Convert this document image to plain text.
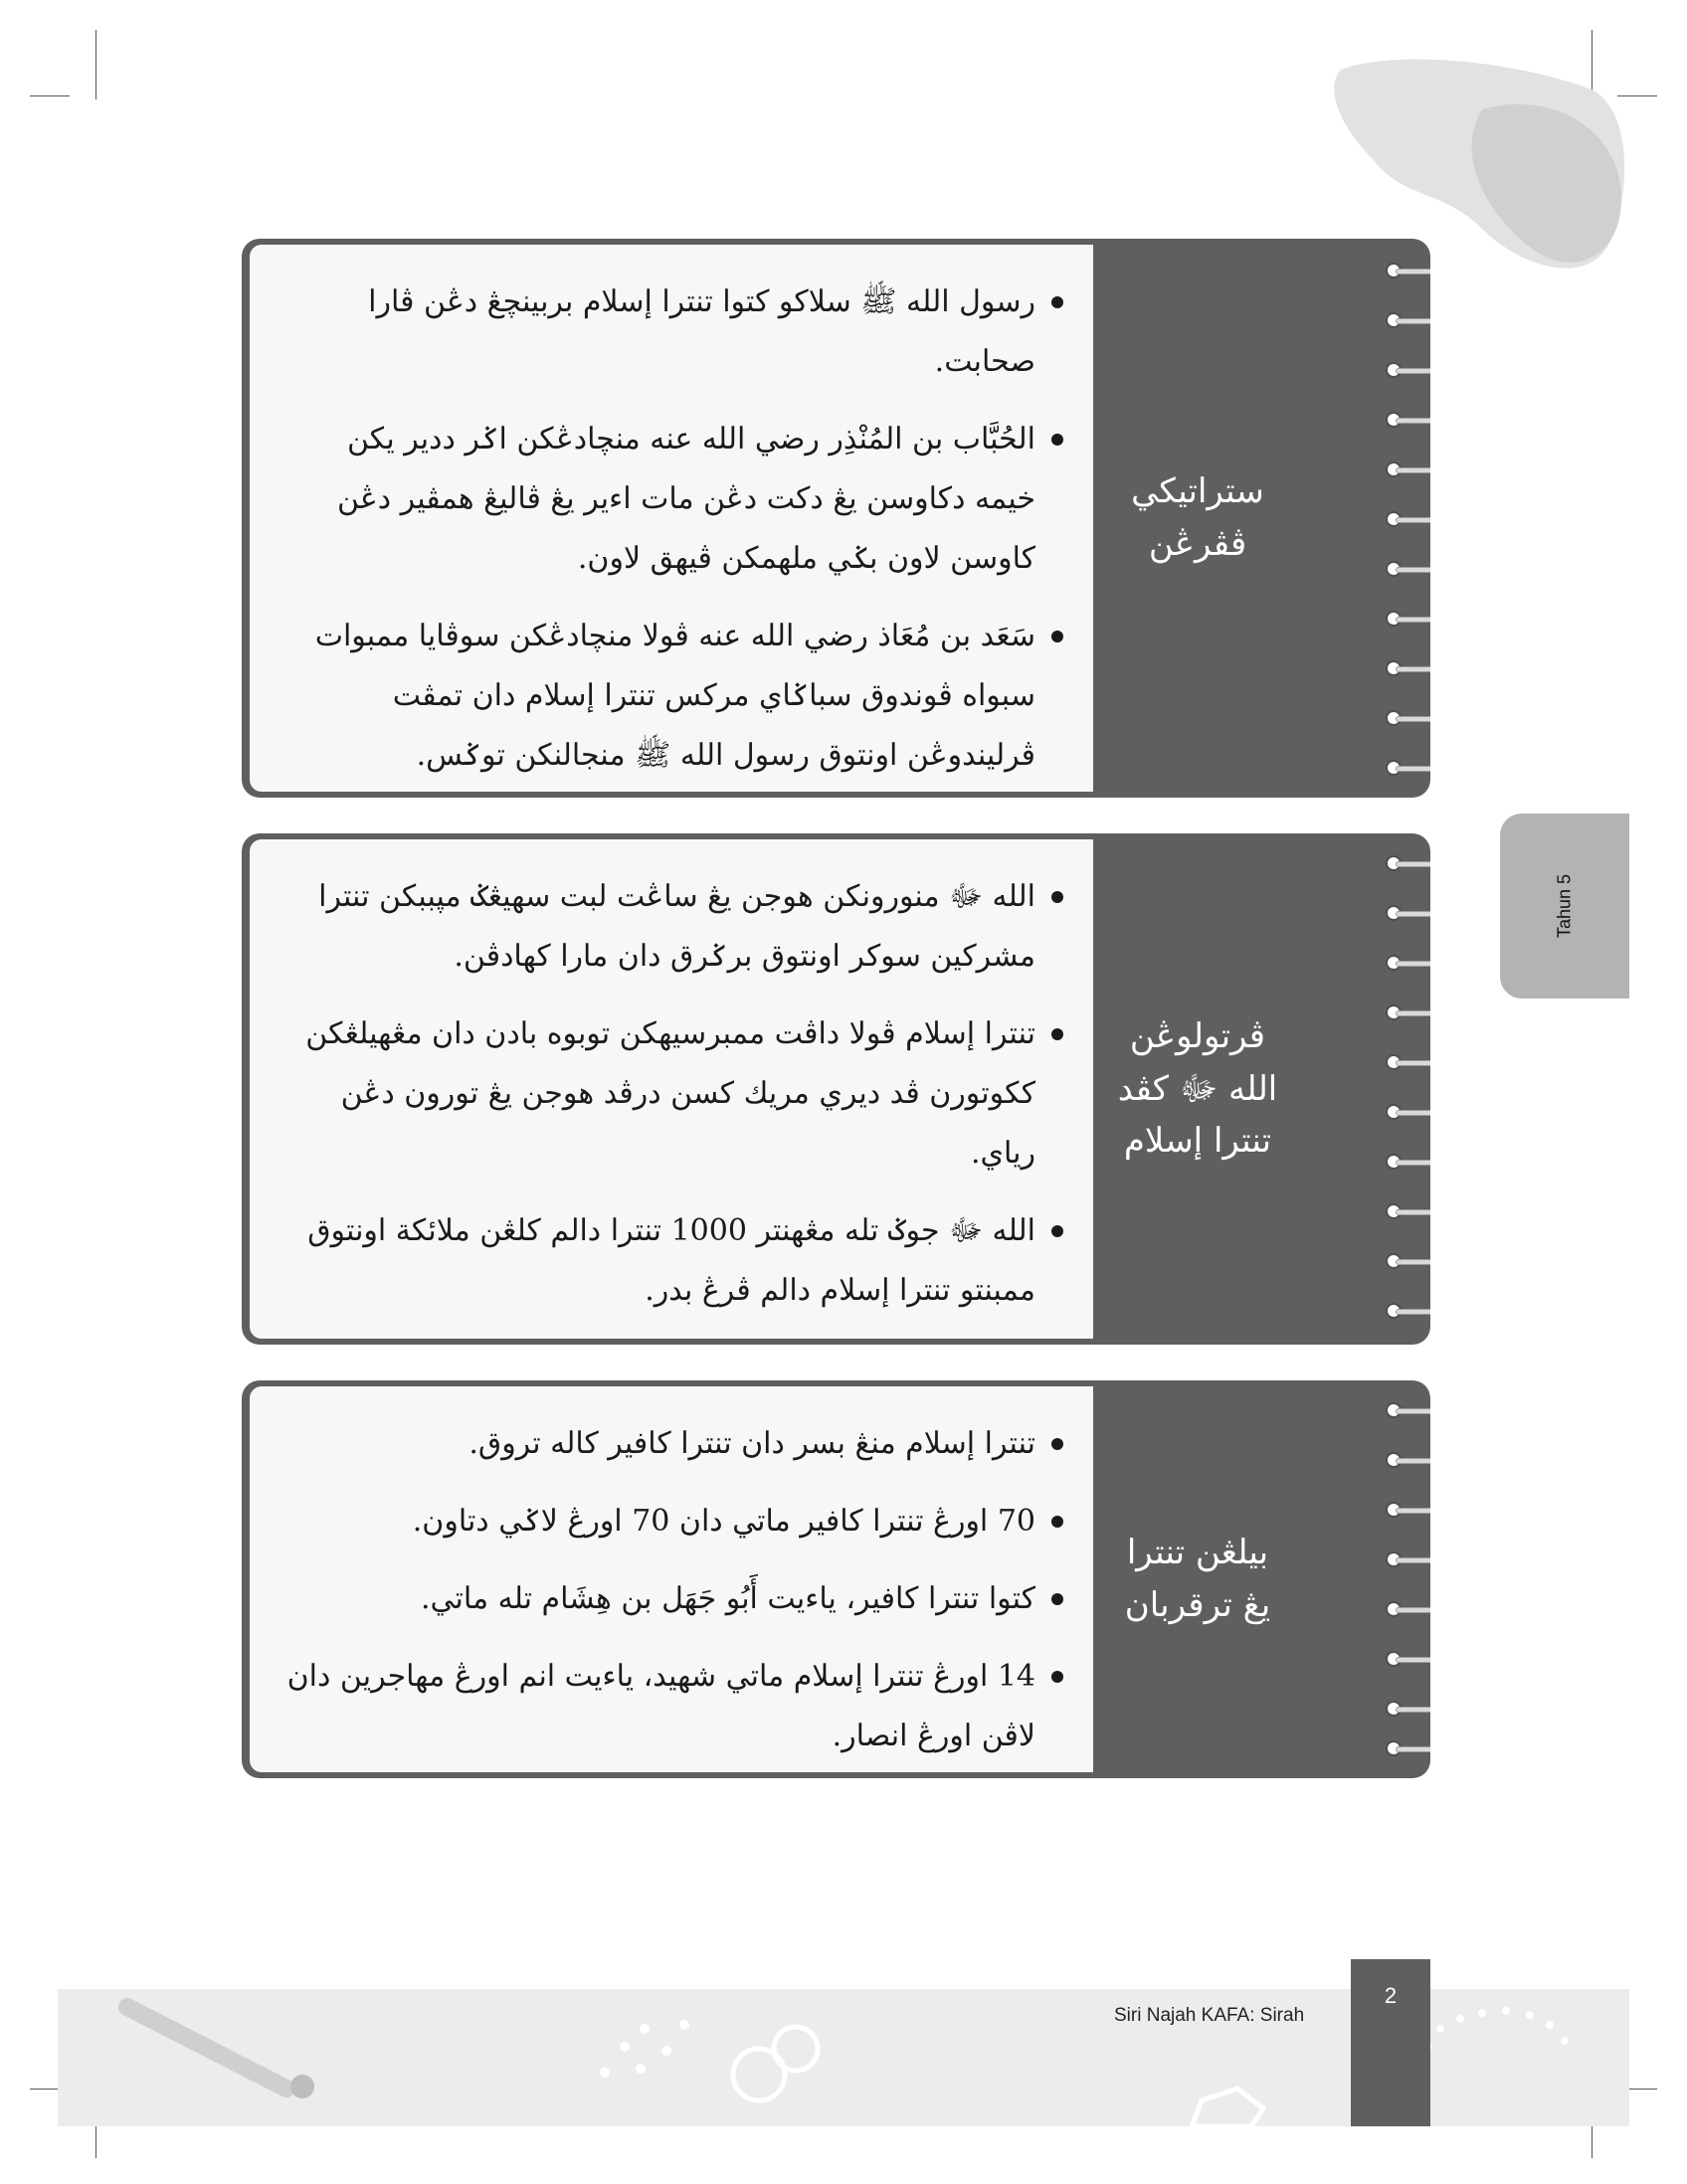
رسول الله ﷺ سلاكو كتوا تنترا إسلام بربينچڠ دڠن ڤارا صحابت.

الحُبَّاب بن المُنْذِر رضي الله عنه منچادڠكن اݢر ددير يكن خيمه دكاوسن يڠ دكت دڠن مات اءير يڠ ڤاليڠ همڤير دڠن كاوسن لاون بݢي ملهمكن ڤيهق لاون.

سَعَد بن مُعَاذ رضي الله عنه ڤولا منچادڠكن سوڤايا ممبوات سبواه ڤوندوق سباݢاي مركس تنترا إسلام دان تمڤت ڤرليندوڠن اونتوق رسول الله ﷺ منجالنكن توݢس.

ستراتيكي
ڤڤرڠن

الله ﷻ منورونكن هوجن يڠ ساڠت لبت سهيڠݢ مڽببكن تنترا مشركين سوكر اونتوق برݢرق دان مارا كهادڤن.

تنترا إسلام ڤولا داڤت ممبرسيهكن توبوه بادن دان مڠهيلڠكن ككوتورن ڤد ديري مريك كسن درڤد هوجن يڠ تورون دڠن رياي.

الله ﷻ جوݢ تله مڠهنتر 1000 تنترا دالم كلڠن ملائكة اونتوق ممبنتو تنترا إسلام دالم ڤرڠ بدر.

ڤرتولوڠن
الله ﷻ كڤد
تنترا إسلام

تنترا إسلام منڠ بسر دان تنترا كافير كاله تروق.

70 اورڠ تنترا كافير ماتي دان 70 اورڠ لاݢي دتاون.

كتوا تنترا كافير، ياءيت أَبُو جَهَل بن هِشَام تله ماتي.

14 اورڠ تنترا إسلام ماتي شهيد، ياءيت انم اورڠ مهاجرين دان لاڤن اورڠ انصار.

بيلڠن تنترا
يڠ ترقربان
Tahun 5
2
Siri Najah KAFA: Sirah
